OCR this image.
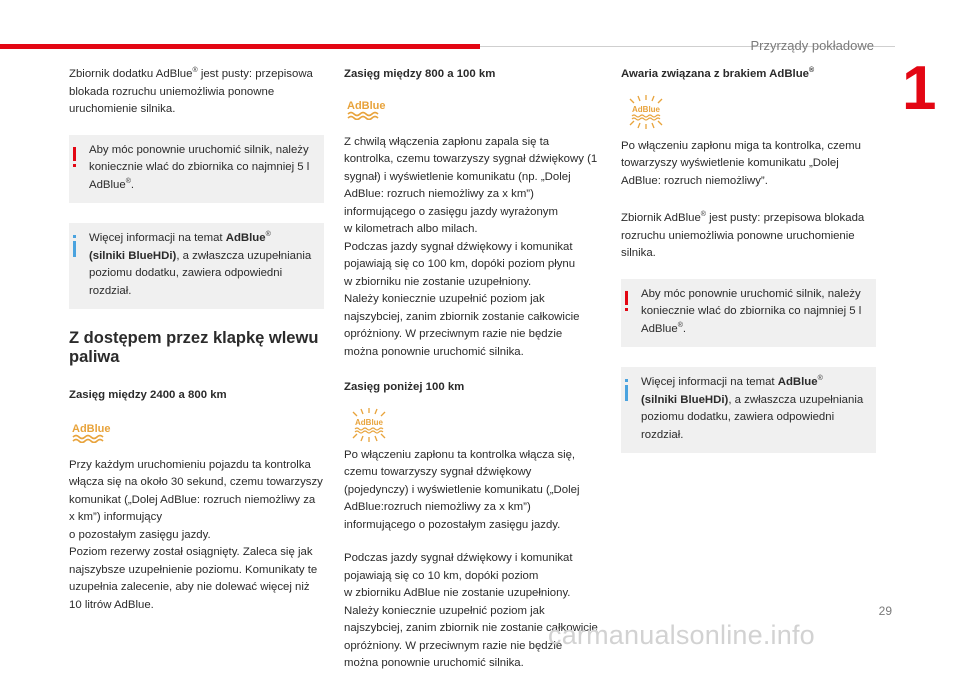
Przyrządy pokładowe
1

Zbiornik dodatku AdBlue® jest pusty: przepisowa blokada rozruchu uniemożliwia ponowne uruchomienie silnika.

Aby móc ponownie uruchomić silnik, należy koniecznie wlać do zbiornika co najmniej 5 l AdBlue®.
Więcej informacji na temat AdBlue®
(silniki BlueHDi), a zwłaszcza uzupełniania poziomu dodatku, zawiera odpowiedni rozdział.
Z dostępem przez klapkę wlewu paliwa
Zasięg między 2400 a 800 km
AdBlue

Przy każdym uruchomieniu pojazdu ta kontrolka włącza się na około 30 sekund, czemu towarzyszy komunikat („Dolej AdBlue: rozruch niemożliwy za x km”) informujący
o pozostałym zasięgu jazdy.
Poziom rezerwy został osiągnięty. Zaleca się jak najszybsze uzupełnienie poziomu. Komunikaty te uzupełnia zalecenie, aby nie dolewać więcej niż 10 litrów AdBlue.

Zasięg między 800 a 100 km
AdBlue

Z chwilą włączenia zapłonu zapala się ta kontrolka, czemu towarzyszy sygnał dźwiękowy (1 sygnał) i wyświetlenie komunikatu (np. „Dolej AdBlue: rozruch niemożliwy za x km”) informującego o zasięgu jazdy wyrażonym
w kilometrach albo milach.
Podczas jazdy sygnał dźwiękowy i komunikat pojawiają się co 100 km, dopóki poziom płynu
w zbiorniku nie zostanie uzupełniony.
Należy koniecznie uzupełnić poziom jak najszybciej, zanim zbiornik zostanie całkowicie opróżniony. W przeciwnym razie nie będzie można ponownie uruchomić silnika.

Zasięg poniżej 100 km
AdBlue

Po włączeniu zapłonu ta kontrolka włącza się, czemu towarzyszy sygnał dźwiękowy (pojedynczy) i wyświetlenie komunikatu („Dolej AdBlue:rozruch niemożliwy za x km”) informującego o pozostałym zasięgu jazdy.

Podczas jazdy sygnał dźwiękowy i komunikat pojawiają się co 10 km, dopóki poziom
w zbiorniku AdBlue nie zostanie uzupełniony.
Należy koniecznie uzupełnić poziom jak najszybciej, zanim zbiornik nie zostanie całkowicie opróżniony. W przeciwnym razie nie będzie można ponownie uruchomić silnika.

Awaria związana z brakiem AdBlue®
AdBlue

Po włączeniu zapłonu miga ta kontrolka, czemu towarzyszy wyświetlenie komunikatu „Dolej AdBlue: rozruch niemożliwy”.

Zbiornik AdBlue® jest pusty: przepisowa blokada rozruchu uniemożliwia ponowne uruchomienie silnika.

Aby móc ponownie uruchomić silnik, należy koniecznie wlać do zbiornika co najmniej 5 l AdBlue®.
Więcej informacji na temat AdBlue®
(silniki BlueHDi), a zwłaszcza uzupełniania poziomu dodatku, zawiera odpowiedni rozdział.
29
carmanualsonline.info
